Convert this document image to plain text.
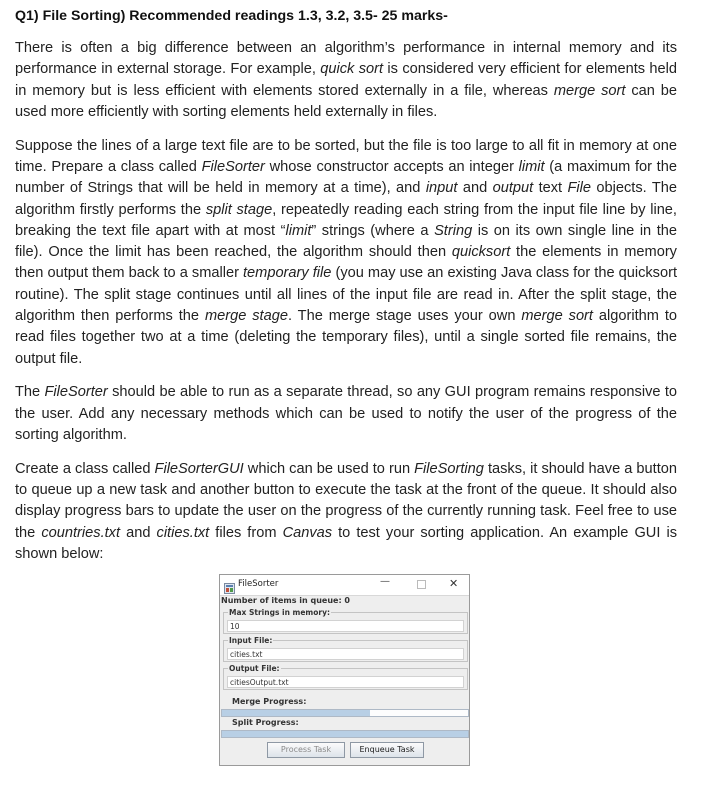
Q1) File Sorting) Recommended readings 1.3, 3.2, 3.5- 25 marks-

There is often a big difference between an algorithm’s performance in internal memory and its performance in external storage. For example, quick sort is considered very efficient for elements held in memory but is less efficient with elements stored externally in a file, whereas merge sort can be used more efficiently with sorting elements held externally in files.

Suppose the lines of a large text file are to be sorted, but the file is too large to all fit in memory at one time. Prepare a class called FileSorter whose constructor accepts an integer limit (a maximum for the number of Strings that will be held in memory at a time), and input and output text File objects. The algorithm firstly performs the split stage, repeatedly reading each string from the input file line by line, breaking the text file apart with at most “limit” strings (where a String is on its own single line in the file). Once the limit has been reached, the algorithm should then quicksort the elements in memory then output them back to a smaller temporary file (you may use an existing Java class for the quicksort routine). The split stage continues until all lines of the input file are read in. After the split stage, the algorithm then performs the merge stage. The merge stage uses your own merge sort algorithm to read files together two at a time (deleting the temporary files), until a single sorted file remains, the output file.

The FileSorter should be able to run as a separate thread, so any GUI program remains responsive to the user. Add any necessary methods which can be used to notify the user of the progress of the sorting algorithm.

Create a class called FileSorterGUI which can be used to run FileSorting tasks, it should have a button to queue up a new task and another button to execute the task at the front of the queue. It should also display progress bars to update the user on the progress of the currently running task. Feel free to use the countries.txt and cities.txt files from Canvas to test your sorting application. An example GUI is shown below:

FileSorter	—	✕
Number of items in queue: 0
Max Strings in memory:
10
Input File:
cities.txt
Output File:
citiesOutput.txt
Merge Progress:
Split Progress:
Process Task	Enqueue Task
